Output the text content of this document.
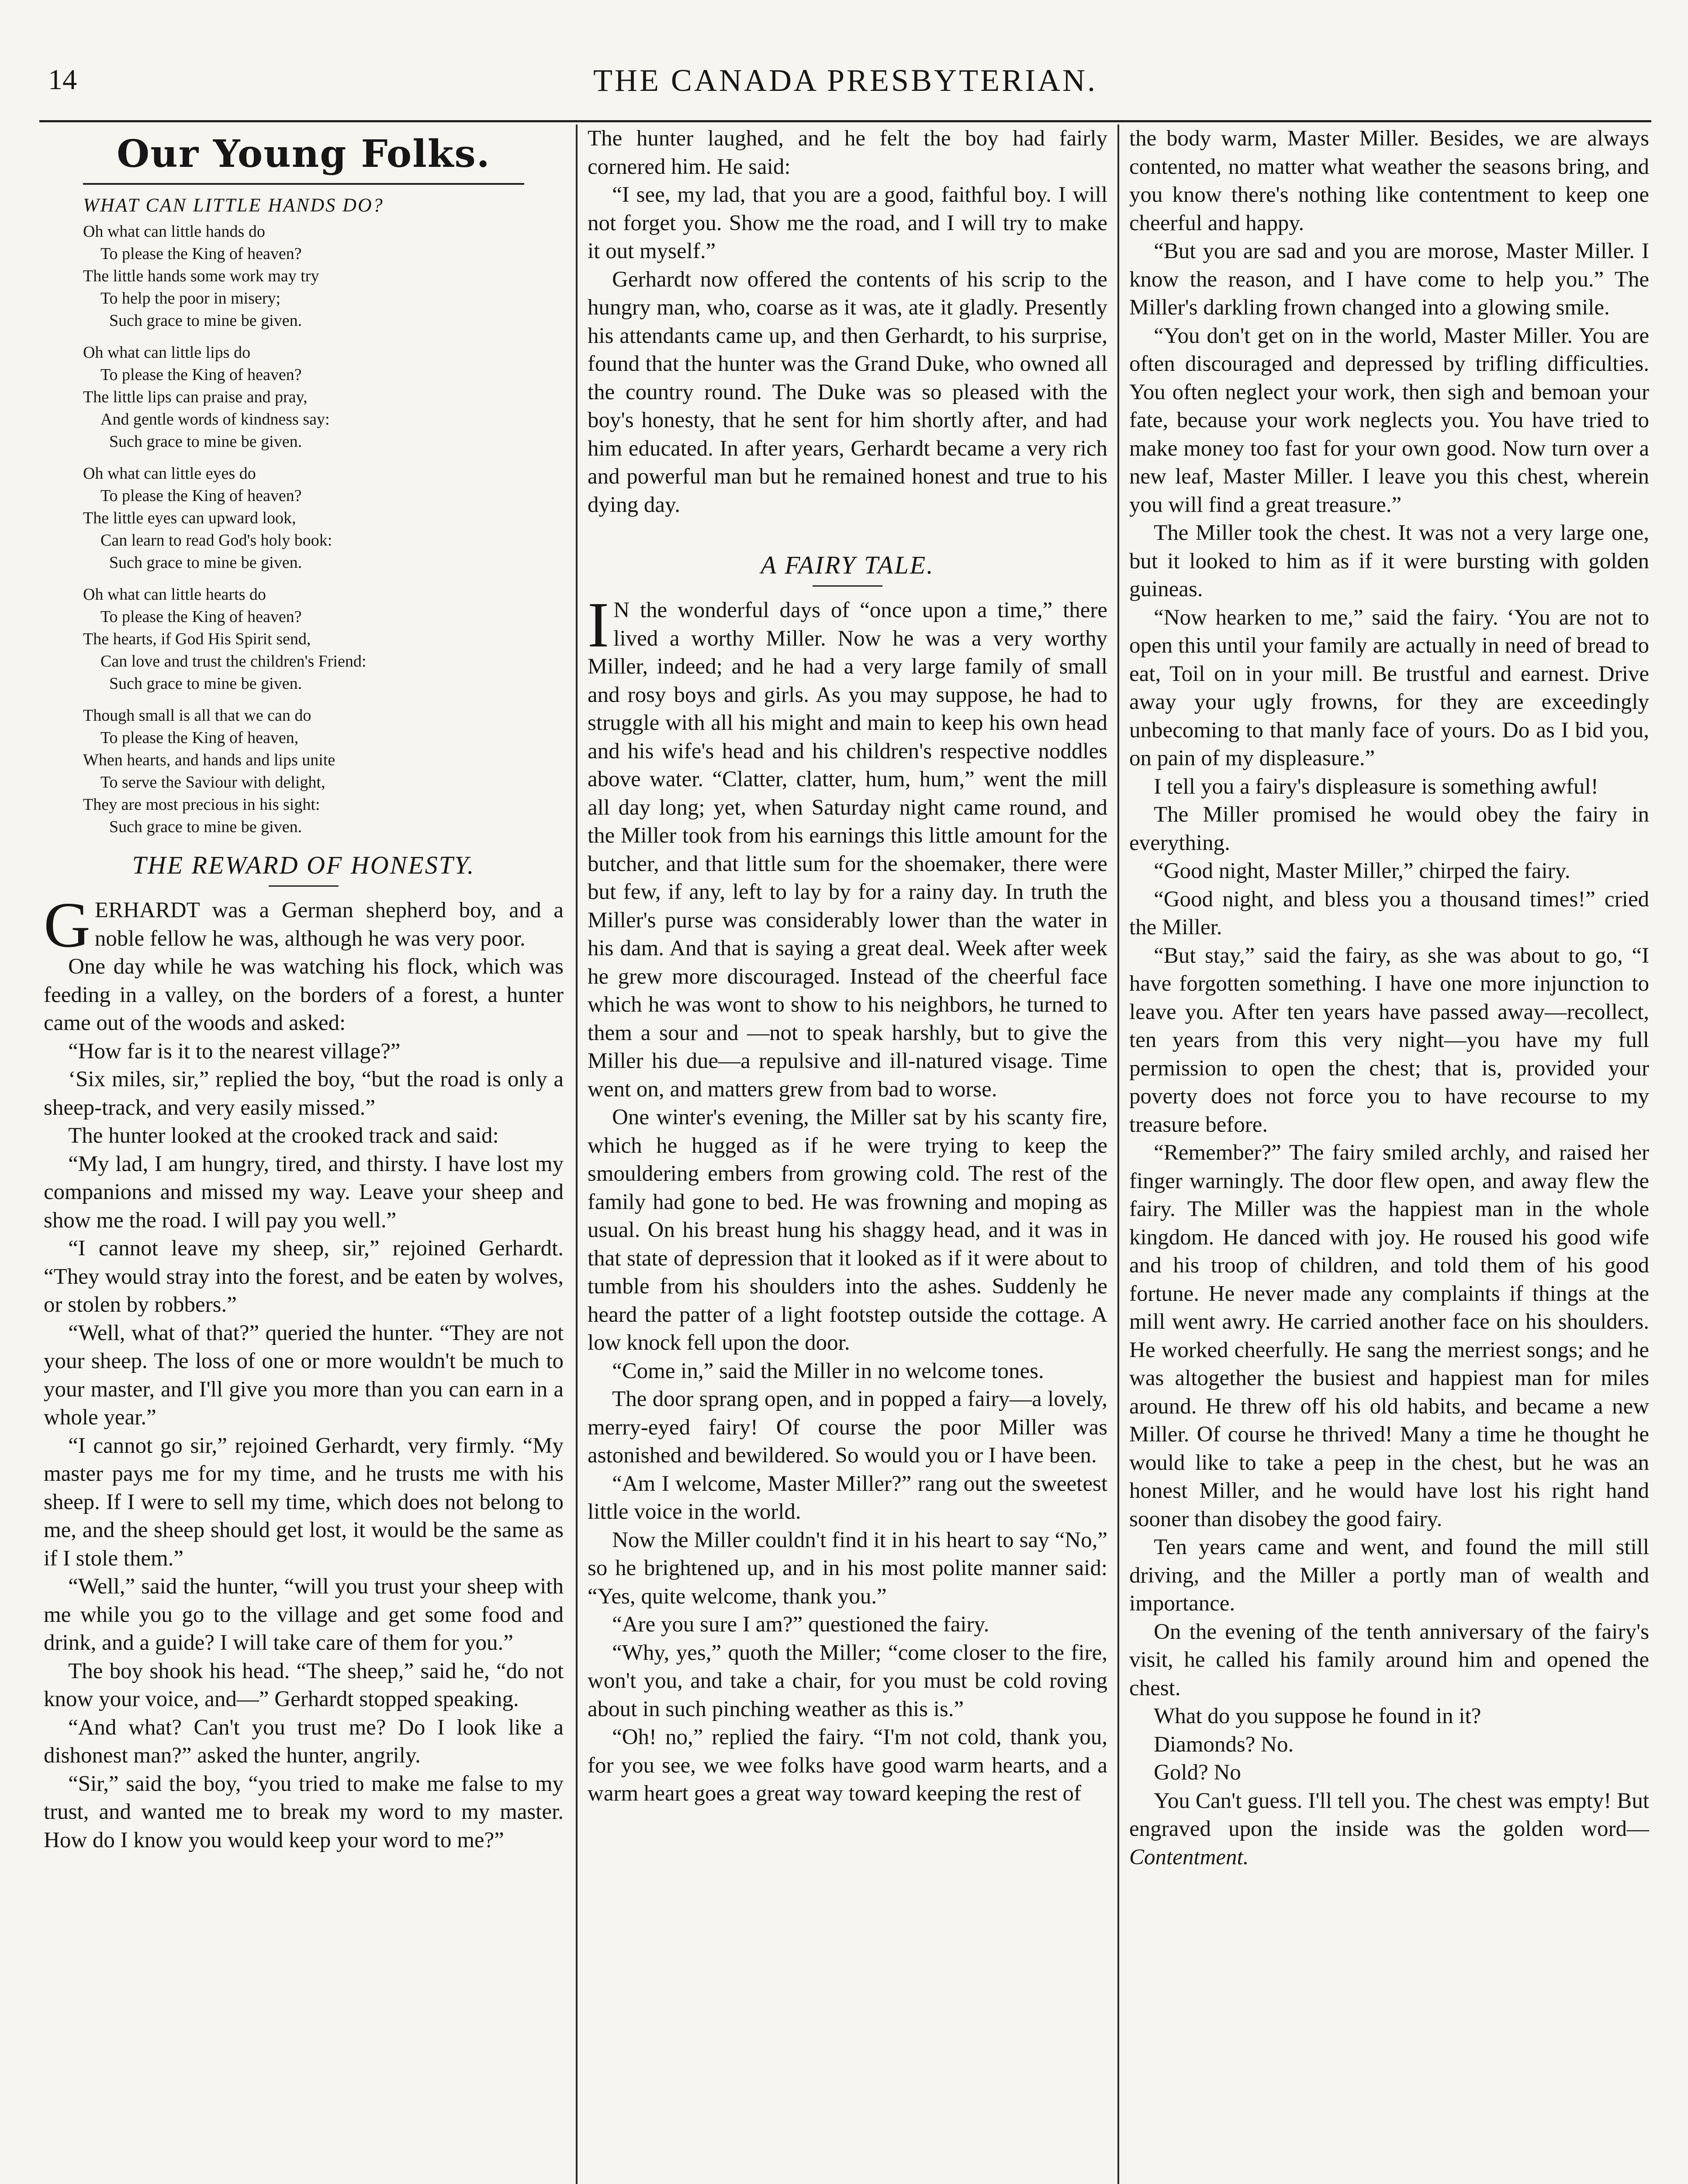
14	THE CANADA PRESBYTERIAN.
Our Young Folks.
WHAT CAN LITTLE HANDS DO?
Oh what can little hands do
To please the King of heaven?
The little hands some work may try
To help the poor in misery;
Such grace to mine be given.
Oh what can little lips do
To please the King of heaven?
The little lips can praise and pray,
And gentle words of kindness say:
Such grace to mine be given.
Oh what can little eyes do
To please the King of heaven?
The little eyes can upward look,
Can learn to read God's holy book:
Such grace to mine be given.
Oh what can little hearts do
To please the King of heaven?
The hearts, if God His Spirit send,
Can love and trust the children's Friend:
Such grace to mine be given.
Though small is all that we can do
To please the King of heaven,
When hearts, and hands and lips unite
To serve the Saviour with delight,
They are most precious in his sight:
Such grace to mine be given.
THE REWARD OF HONESTY.

GERHARDT was a German shepherd boy, and a noble fellow he was, although he was very poor.

One day while he was watching his flock, which was feeding in a valley, on the borders of a forest, a hunter came out of the woods and asked:

“How far is it to the nearest village?”

‘Six miles, sir,” replied the boy, “but the road is only a sheep-track, and very easily missed.”

The hunter looked at the crooked track and said:

“My lad, I am hungry, tired, and thirsty. I have lost my companions and missed my way. Leave your sheep and show me the road. I will pay you well.”

“I cannot leave my sheep, sir,” rejoined Gerhardt. “They would stray into the forest, and be eaten by wolves, or stolen by robbers.”

“Well, what of that?” queried the hunter. “They are not your sheep. The loss of one or more wouldn't be much to your master, and I'll give you more than you can earn in a whole year.”

“I cannot go sir,” rejoined Gerhardt, very firmly. “My master pays me for my time, and he trusts me with his sheep. If I were to sell my time, which does not belong to me, and the sheep should get lost, it would be the same as if I stole them.”

“Well,” said the hunter, “will you trust your sheep with me while you go to the village and get some food and drink, and a guide? I will take care of them for you.”

The boy shook his head. “The sheep,” said he, “do not know your voice, and—” Gerhardt stopped speaking.

“And what? Can't you trust me? Do I look like a dishonest man?” asked the hunter, angrily.

“Sir,” said the boy, “you tried to make me false to my trust, and wanted me to break my word to my master. How do I know you would keep your word to me?”

The hunter laughed, and he felt the boy had fairly cornered him. He said:

“I see, my lad, that you are a good, faithful boy. I will not forget you. Show me the road, and I will try to make it out myself.”

Gerhardt now offered the contents of his scrip to the hungry man, who, coarse as it was, ate it gladly. Presently his attendants came up, and then Gerhardt, to his surprise, found that the hunter was the Grand Duke, who owned all the country round. The Duke was so pleased with the boy's honesty, that he sent for him shortly after, and had him educated. In after years, Gerhardt became a very rich and powerful man but he remained honest and true to his dying day.

A FAIRY TALE.

I N the wonderful days of “once upon a time,” there lived a worthy Miller. Now he was a very worthy Miller, indeed; and he had a very large family of small and rosy boys and girls. As you may suppose, he had to struggle with all his might and main to keep his own head and his wife's head and his children's respective noddles above water. “Clatter, clatter, hum, hum,” went the mill all day long; yet, when Saturday night came round, and the Miller took from his earnings this little amount for the butcher, and that little sum for the shoemaker, there were but few, if any, left to lay by for a rainy day. In truth the Miller's purse was considerably lower than the water in his dam. And that is saying a great deal. Week after week he grew more discouraged. Instead of the cheerful face which he was wont to show to his neighbors, he turned to them a sour and —not to speak harshly, but to give the Miller his due—a repulsive and ill-natured visage. Time went on, and matters grew from bad to worse.

One winter's evening, the Miller sat by his scanty fire, which he hugged as if he were trying to keep the smouldering embers from growing cold. The rest of the family had gone to bed. He was frowning and moping as usual. On his breast hung his shaggy head, and it was in that state of depression that it looked as if it were about to tumble from his shoulders into the ashes. Suddenly he heard the patter of a light footstep outside the cottage. A low knock fell upon the door.

“Come in,” said the Miller in no welcome tones.

The door sprang open, and in popped a fairy—a lovely, merry-eyed fairy! Of course the poor Miller was astonished and bewildered. So would you or I have been.

“Am I welcome, Master Miller?” rang out the sweetest little voice in the world.

Now the Miller couldn't find it in his heart to say “No,” so he brightened up, and in his most polite manner said: “Yes, quite welcome, thank you.”

“Are you sure I am?” questioned the fairy.

“Why, yes,” quoth the Miller; “come closer to the fire, won't you, and take a chair, for you must be cold roving about in such pinching weather as this is.”

“Oh! no,” replied the fairy. “I'm not cold, thank you, for you see, we wee folks have good warm hearts, and a warm heart goes a great way toward keeping the rest of

the body warm, Master Miller. Besides, we are always contented, no matter what weather the seasons bring, and you know there's nothing like contentment to keep one cheerful and happy.

“But you are sad and you are morose, Master Miller. I know the reason, and I have come to help you.” The Miller's darkling frown changed into a glowing smile.

“You don't get on in the world, Master Miller. You are often discouraged and depressed by trifling difficulties. You often neglect your work, then sigh and bemoan your fate, because your work neglects you. You have tried to make money too fast for your own good. Now turn over a new leaf, Master Miller. I leave you this chest, wherein you will find a great treasure.”

The Miller took the chest. It was not a very large one, but it looked to him as if it were bursting with golden guineas.

“Now hearken to me,” said the fairy. ‘You are not to open this until your family are actually in need of bread to eat, Toil on in your mill. Be trustful and earnest. Drive away your ugly frowns, for they are exceedingly unbecoming to that manly face of yours. Do as I bid you, on pain of my displeasure.”

I tell you a fairy's displeasure is something awful!

The Miller promised he would obey the fairy in everything.

“Good night, Master Miller,” chirped the fairy.

“Good night, and bless you a thousand times!” cried the Miller.

“But stay,” said the fairy, as she was about to go, “I have forgotten something. I have one more injunction to leave you. After ten years have passed away—recollect, ten years from this very night—you have my full permission to open the chest; that is, provided your poverty does not force you to have recourse to my treasure before.

“Remember?” The fairy smiled archly, and raised her finger warningly. The door flew open, and away flew the fairy. The Miller was the happiest man in the whole kingdom. He danced with joy. He roused his good wife and his troop of children, and told them of his good fortune. He never made any complaints if things at the mill went awry. He carried another face on his shoulders. He worked cheerfully. He sang the merriest songs; and he was altogether the busiest and happiest man for miles around. He threw off his old habits, and became a new Miller. Of course he thrived! Many a time he thought he would like to take a peep in the chest, but he was an honest Miller, and he would have lost his right hand sooner than disobey the good fairy.

Ten years came and went, and found the mill still driving, and the Miller a portly man of wealth and importance.

On the evening of the tenth anniversary of the fairy's visit, he called his family around him and opened the chest.

What do you suppose he found in it?

Diamonds? No.

Gold? No

You Can't guess. I'll tell you. The chest was empty! But engraved upon the inside was the golden word—Contentment.
